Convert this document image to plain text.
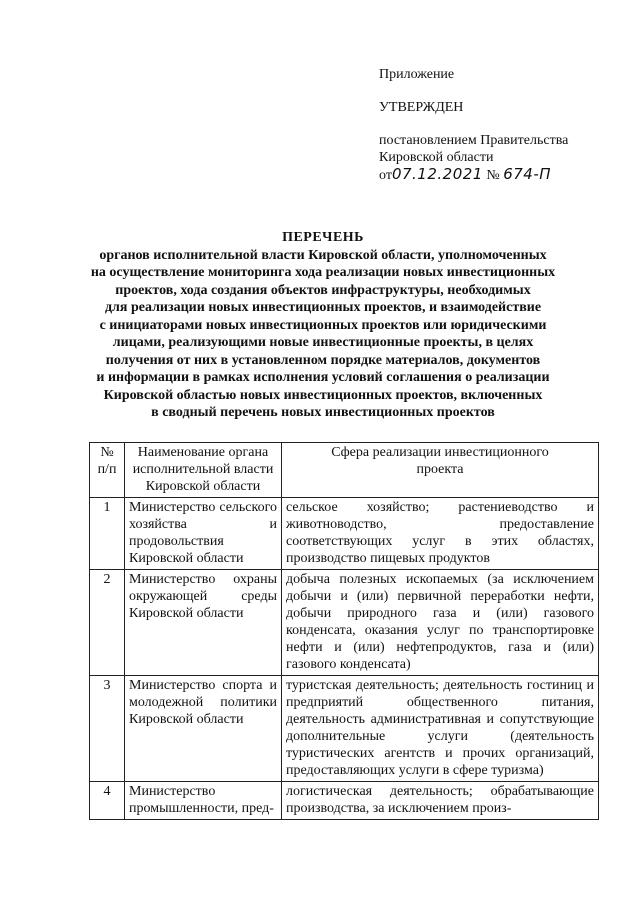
Приложение
УТВЕРЖДЕН
постановлением Правительства
Кировской области
от07.12.2021 № 674-П
ПЕРЕЧЕНЬ
органов исполнительной власти Кировской области, уполномоченных
на осуществление мониторинга хода реализации новых инвестиционных
проектов, хода создания объектов инфраструктуры, необходимых
для реализации новых инвестиционных проектов, и взаимодействие
с инициаторами новых инвестиционных проектов или юридическими
лицами, реализующими новые инвестиционные проекты, в целях
получения от них в установленном порядке материалов, документов
и информации в рамках исполнения условий соглашения о реализации
Кировской областью новых инвестиционных проектов, включенных
в сводный перечень новых инвестиционных проектов
№ п/п	Наименование органа исполнительной власти Кировской области	Сфера реализации инвестиционного проекта
1	Министерство сельского хозяйства и продовольствия Кировской области	сельское хозяйство; растениеводство и животноводство, предоставление соответствующих услуг в этих областях, производство пищевых продуктов
2	Министерство охраны окружающей среды Кировской области	добыча полезных ископаемых (за исключением добычи и (или) первичной переработки нефти, добычи природного газа и (или) газового конденсата, оказания услуг по транспортировке нефти и (или) нефтепродуктов, газа и (или) газового конденсата)
3	Министерство спорта и молодежной политики Кировской области	туристская деятельность; деятельность гостиниц и предприятий общественного питания, деятельность административная и сопутствующие дополнительные услуги (деятельность туристических агентств и прочих организаций, предоставляющих услуги в сфере туризма)
4	Министерство промышленности, пред-	логистическая деятельность; обрабатывающие производства, за исключением произ-
